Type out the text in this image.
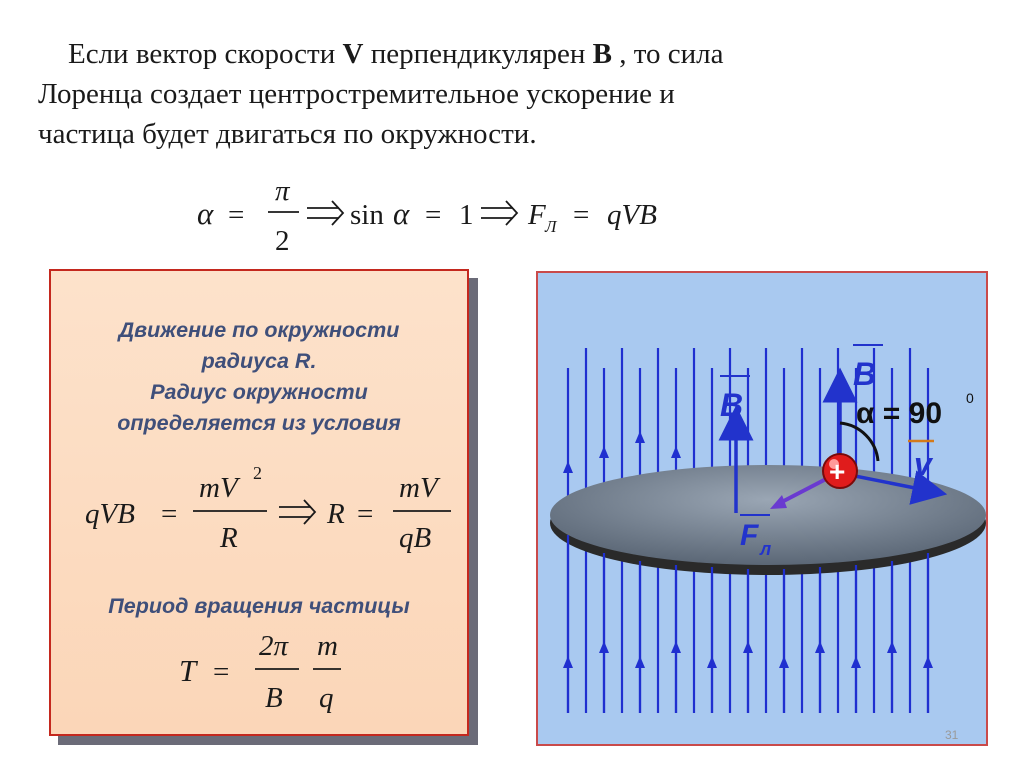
Если вектор скорости V перпендикулярен B , то сила
Лоренца создает центростремительное ускорение и
частица будет двигаться по окружности.
α =
π
2
sin α = 1 F Л = qVB
Движение по окружности
радиуса R.
Радиус окружности
определяется из условия
qVB =
mV 2
R
R =
mV
qB
Период вращения частицы
T =
2π
B
m
q
B
B
α = 90 0
v
F л
+
31
